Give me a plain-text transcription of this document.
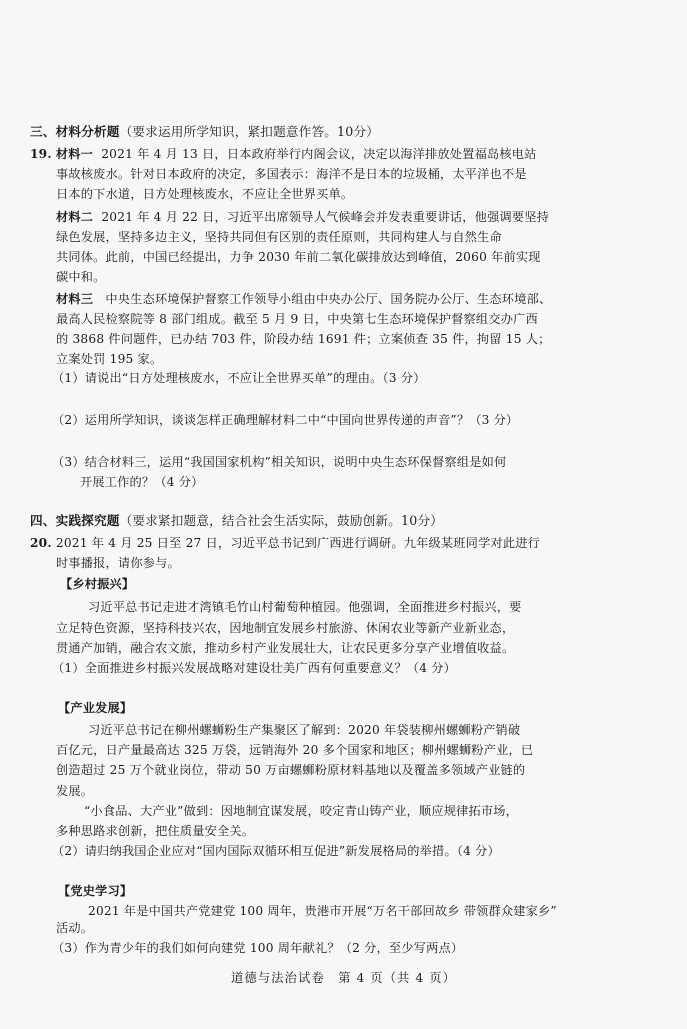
三、材料分析题（要求运用所学知识，紧扣题意作答。10分）
19. 材料一 2021 年 4 月 13 日，日本政府举行内阁会议，决定以海洋排放处置福岛核电站
事故核废水。针对日本政府的决定，多国表示：海洋不是日本的垃圾桶，太平洋也不是
日本的下水道，日方处理核废水，不应让全世界买单。
材料二 2021 年 4 月 22 日，习近平出席领导人气候峰会并发表重要讲话，他强调要坚持
绿色发展，坚持多边主义，坚持共同但有区别的责任原则，共同构建人与自然生命
共同体。此前，中国已经提出，力争 2030 年前二氧化碳排放达到峰值，2060 年前实现
碳中和。
材料三 中央生态环境保护督察工作领导小组由中央办公厅、国务院办公厅、生态环境部、
最高人民检察院等 8 部门组成。截至 5 月 9 日，中央第七生态环境保护督察组交办广西
的 3868 件问题件，已办结 703 件，阶段办结 1691 件；立案侦查 35 件，拘留 15 人；
立案处罚 195 家。
（1）请说出“日方处理核废水，不应让全世界买单”的理由。（3 分）
（2）运用所学知识，谈谈怎样正确理解材料二中“中国向世界传递的声音”？（3 分）
（3）结合材料三，运用“我国国家机构”相关知识，说明中央生态环保督察组是如何
开展工作的？（4 分）
四、实践探究题（要求紧扣题意，结合社会生活实际，鼓励创新。10分）
20. 2021 年 4 月 25 日至 27 日，习近平总书记到广西进行调研。九年级某班同学对此进行
时事播报，请你参与。
【乡村振兴】
习近平总书记走进才湾镇毛竹山村葡萄种植园。他强调，全面推进乡村振兴，要
立足特色资源，坚持科技兴农，因地制宜发展乡村旅游、休闲农业等新产业新业态，
贯通产加销，融合农文旅，推动乡村产业发展壮大，让农民更多分享产业增值收益。
（1）全面推进乡村振兴发展战略对建设壮美广西有何重要意义？（4 分）
【产业发展】
习近平总书记在柳州螺蛳粉生产集聚区了解到：2020 年袋装柳州螺蛳粉产销破
百亿元，日产量最高达 325 万袋，远销海外 20 多个国家和地区；柳州螺蛳粉产业，已
创造超过 25 万个就业岗位，带动 50 万亩螺蛳粉原材料基地以及覆盖多领域产业链的
发展。
“小食品、大产业”做到：因地制宜谋发展，咬定青山铸产业，顺应规律拓市场，
多种思路求创新，把住质量安全关。
（2）请归纳我国企业应对“国内国际双循环相互促进”新发展格局的举措。（4 分）
【党史学习】
2021 年是中国共产党建党 100 周年，贵港市开展“万名干部回故乡 带领群众建家乡”
活动。
道德与法治试卷　第 4 页（共 4 页）
（3）作为青少年的我们如何向建党 100 周年献礼？（2 分，至少写两点）
